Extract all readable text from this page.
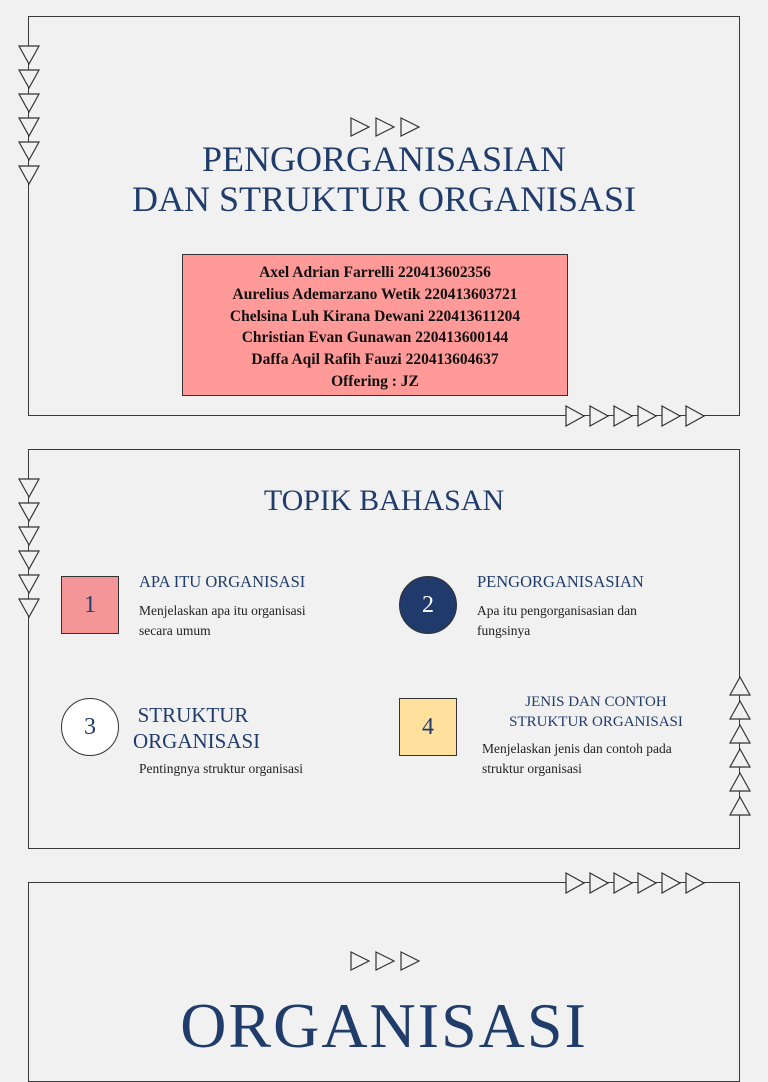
PENGORGANISASIAN
DAN STRUKTUR ORGANISASI
Axel Adrian Farrelli 220413602356
Aurelius Ademarzano Wetik 220413603721
Chelsina Luh Kirana Dewani 220413611204
Christian Evan Gunawan 220413600144
Daffa Aqil Rafih Fauzi 220413604637
Offering : JZ
TOPIK BAHASAN
1
APA ITU ORGANISASI
Menjelaskan apa itu organisasi
secara umum
2
PENGORGANISASIAN
Apa itu pengorganisasian dan
fungsinya
3 STRUKTUR
ORGANISASI
Pentingnya struktur organisasi
4
JENIS DAN CONTOH
STRUKTUR ORGANISASI
Menjelaskan jenis dan contoh pada
struktur organisasi
ORGANISASI
